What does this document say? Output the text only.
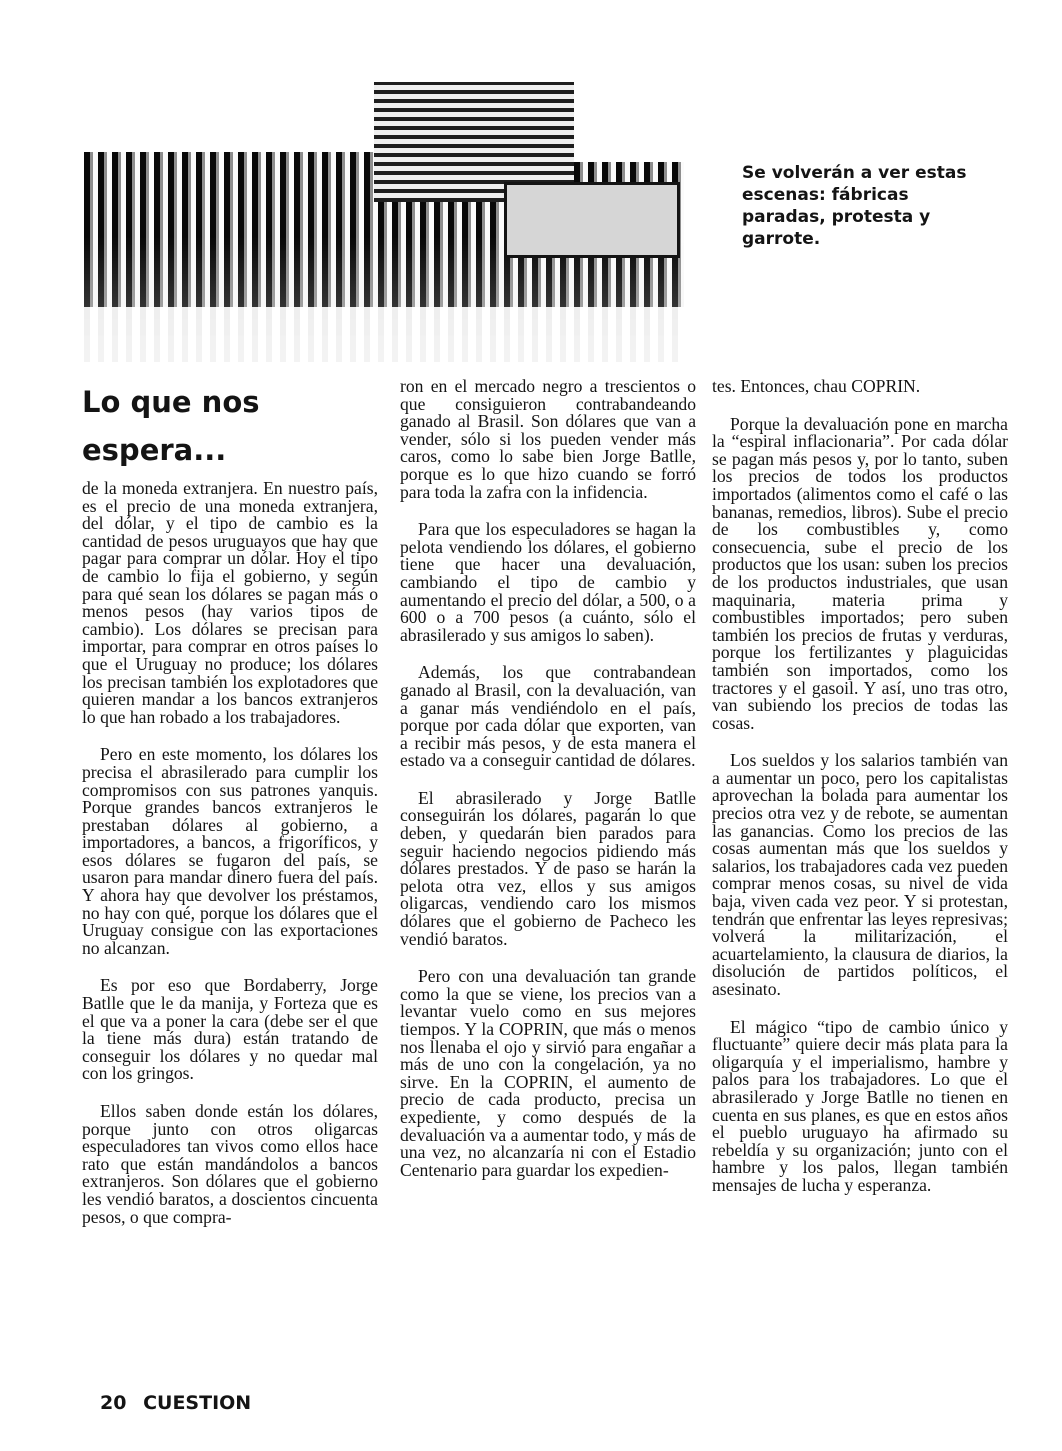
Se volverán a ver estas escenas: fábricas paradas, protesta y garrote.
Lo que nos
espera...

de la moneda extranjera. En nuestro país, es el precio de una moneda extranjera, del dólar, y el tipo de cambio es la cantidad de pesos uruguayos que hay que pagar para comprar un dólar. Hoy el tipo de cambio lo fija el gobierno, y según para qué sean los dólares se pagan más o menos pesos (hay varios tipos de cambio). Los dólares se precisan para importar, para comprar en otros países lo que el Uruguay no produce; los dólares los precisan también los explotadores que quieren mandar a los bancos extranjeros lo que han robado a los trabajadores.

Pero en este momento, los dólares los precisa el abrasilerado para cumplir los compromisos con sus patrones yanquis. Porque grandes bancos extranjeros le prestaban dólares al gobierno, a importadores, a bancos, a frigoríficos, y esos dólares se fugaron del país, se usaron para mandar dinero fuera del país. Y ahora hay que devolver los préstamos, no hay con qué, porque los dólares que el Uruguay consigue con las exportaciones no alcanzan.

Es por eso que Bordaberry, Jorge Batlle que le da manija, y Forteza que es el que va a poner la cara (debe ser el que la tiene más dura) están tratando de conseguir los dólares y no quedar mal con los gringos.

Ellos saben donde están los dólares, porque junto con otros oligarcas especuladores tan vivos como ellos hace rato que están mandándolos a bancos extranjeros. Son dólares que el gobierno les vendió baratos, a doscientos cincuenta pesos, o que compra-

ron en el mercado negro a trescientos o que consiguieron contrabandeando ganado al Brasil. Son dólares que van a vender, sólo si los pueden vender más caros, como lo sabe bien Jorge Batlle, porque es lo que hizo cuando se forró para toda la zafra con la infidencia.

Para que los especuladores se hagan la pelota vendiendo los dólares, el gobierno tiene que hacer una devaluación, cambiando el tipo de cambio y aumentando el precio del dólar, a 500, o a 600 o a 700 pesos (a cuánto, sólo el abrasilerado y sus amigos lo saben).

Además, los que contrabandean ganado al Brasil, con la devaluación, van a ganar más vendiéndolo en el país, porque por cada dólar que exporten, van a recibir más pesos, y de esta manera el estado va a conseguir cantidad de dólares.

El abrasilerado y Jorge Batlle conseguirán los dólares, pagarán lo que deben, y quedarán bien parados para seguir haciendo negocios pidiendo más dólares prestados. Y de paso se harán la pelota otra vez, ellos y sus amigos oligarcas, vendiendo caro los mismos dólares que el gobierno de Pacheco les vendió baratos.

Pero con una devaluación tan grande como la que se viene, los precios van a levantar vuelo como en sus mejores tiempos. Y la COPRIN, que más o menos nos llenaba el ojo y sirvió para engañar a más de uno con la congelación, ya no sirve. En la COPRIN, el aumento de precio de cada producto, precisa un expediente, y como después de la devaluación va a aumentar todo, y más de una vez, no alcanzaría ni con el Estadio Centenario para guardar los expedien-

tes. Entonces, chau COPRIN.

Porque la devaluación pone en marcha la “espiral inflacionaria”. Por cada dólar se pagan más pesos y, por lo tanto, suben los precios de todos los productos importados (alimentos como el café o las bananas, remedios, libros). Sube el precio de los combustibles y, como consecuencia, sube el precio de los productos que los usan: suben los precios de los productos industriales, que usan maquinaria, materia prima y combustibles importados; pero suben también los precios de frutas y verduras, porque los fertilizantes y plaguicidas también son importados, como los tractores y el gasoil. Y así, uno tras otro, van subiendo los precios de todas las cosas.

Los sueldos y los salarios también van a aumentar un poco, pero los capitalistas aprovechan la bolada para aumentar los precios otra vez y de rebote, se aumentan las ganancias. Como los precios de las cosas aumentan más que los sueldos y salarios, los trabajadores cada vez pueden comprar menos cosas, su nivel de vida baja, viven cada vez peor. Y si protestan, tendrán que enfrentar las leyes represivas; volverá la militarización, el acuartelamiento, la clausura de diarios, la disolución de partidos políticos, el asesinato.

El mágico “tipo de cambio único y fluctuante” quiere decir más plata para la oligarquía y el imperialismo, hambre y palos para los trabajadores. Lo que el abrasilerado y Jorge Batlle no tienen en cuenta en sus planes, es que en estos años el pueblo uruguayo ha afirmado su rebeldía y su organización; junto con el hambre y los palos, llegan también mensajes de lucha y esperanza.

20 CUESTION
